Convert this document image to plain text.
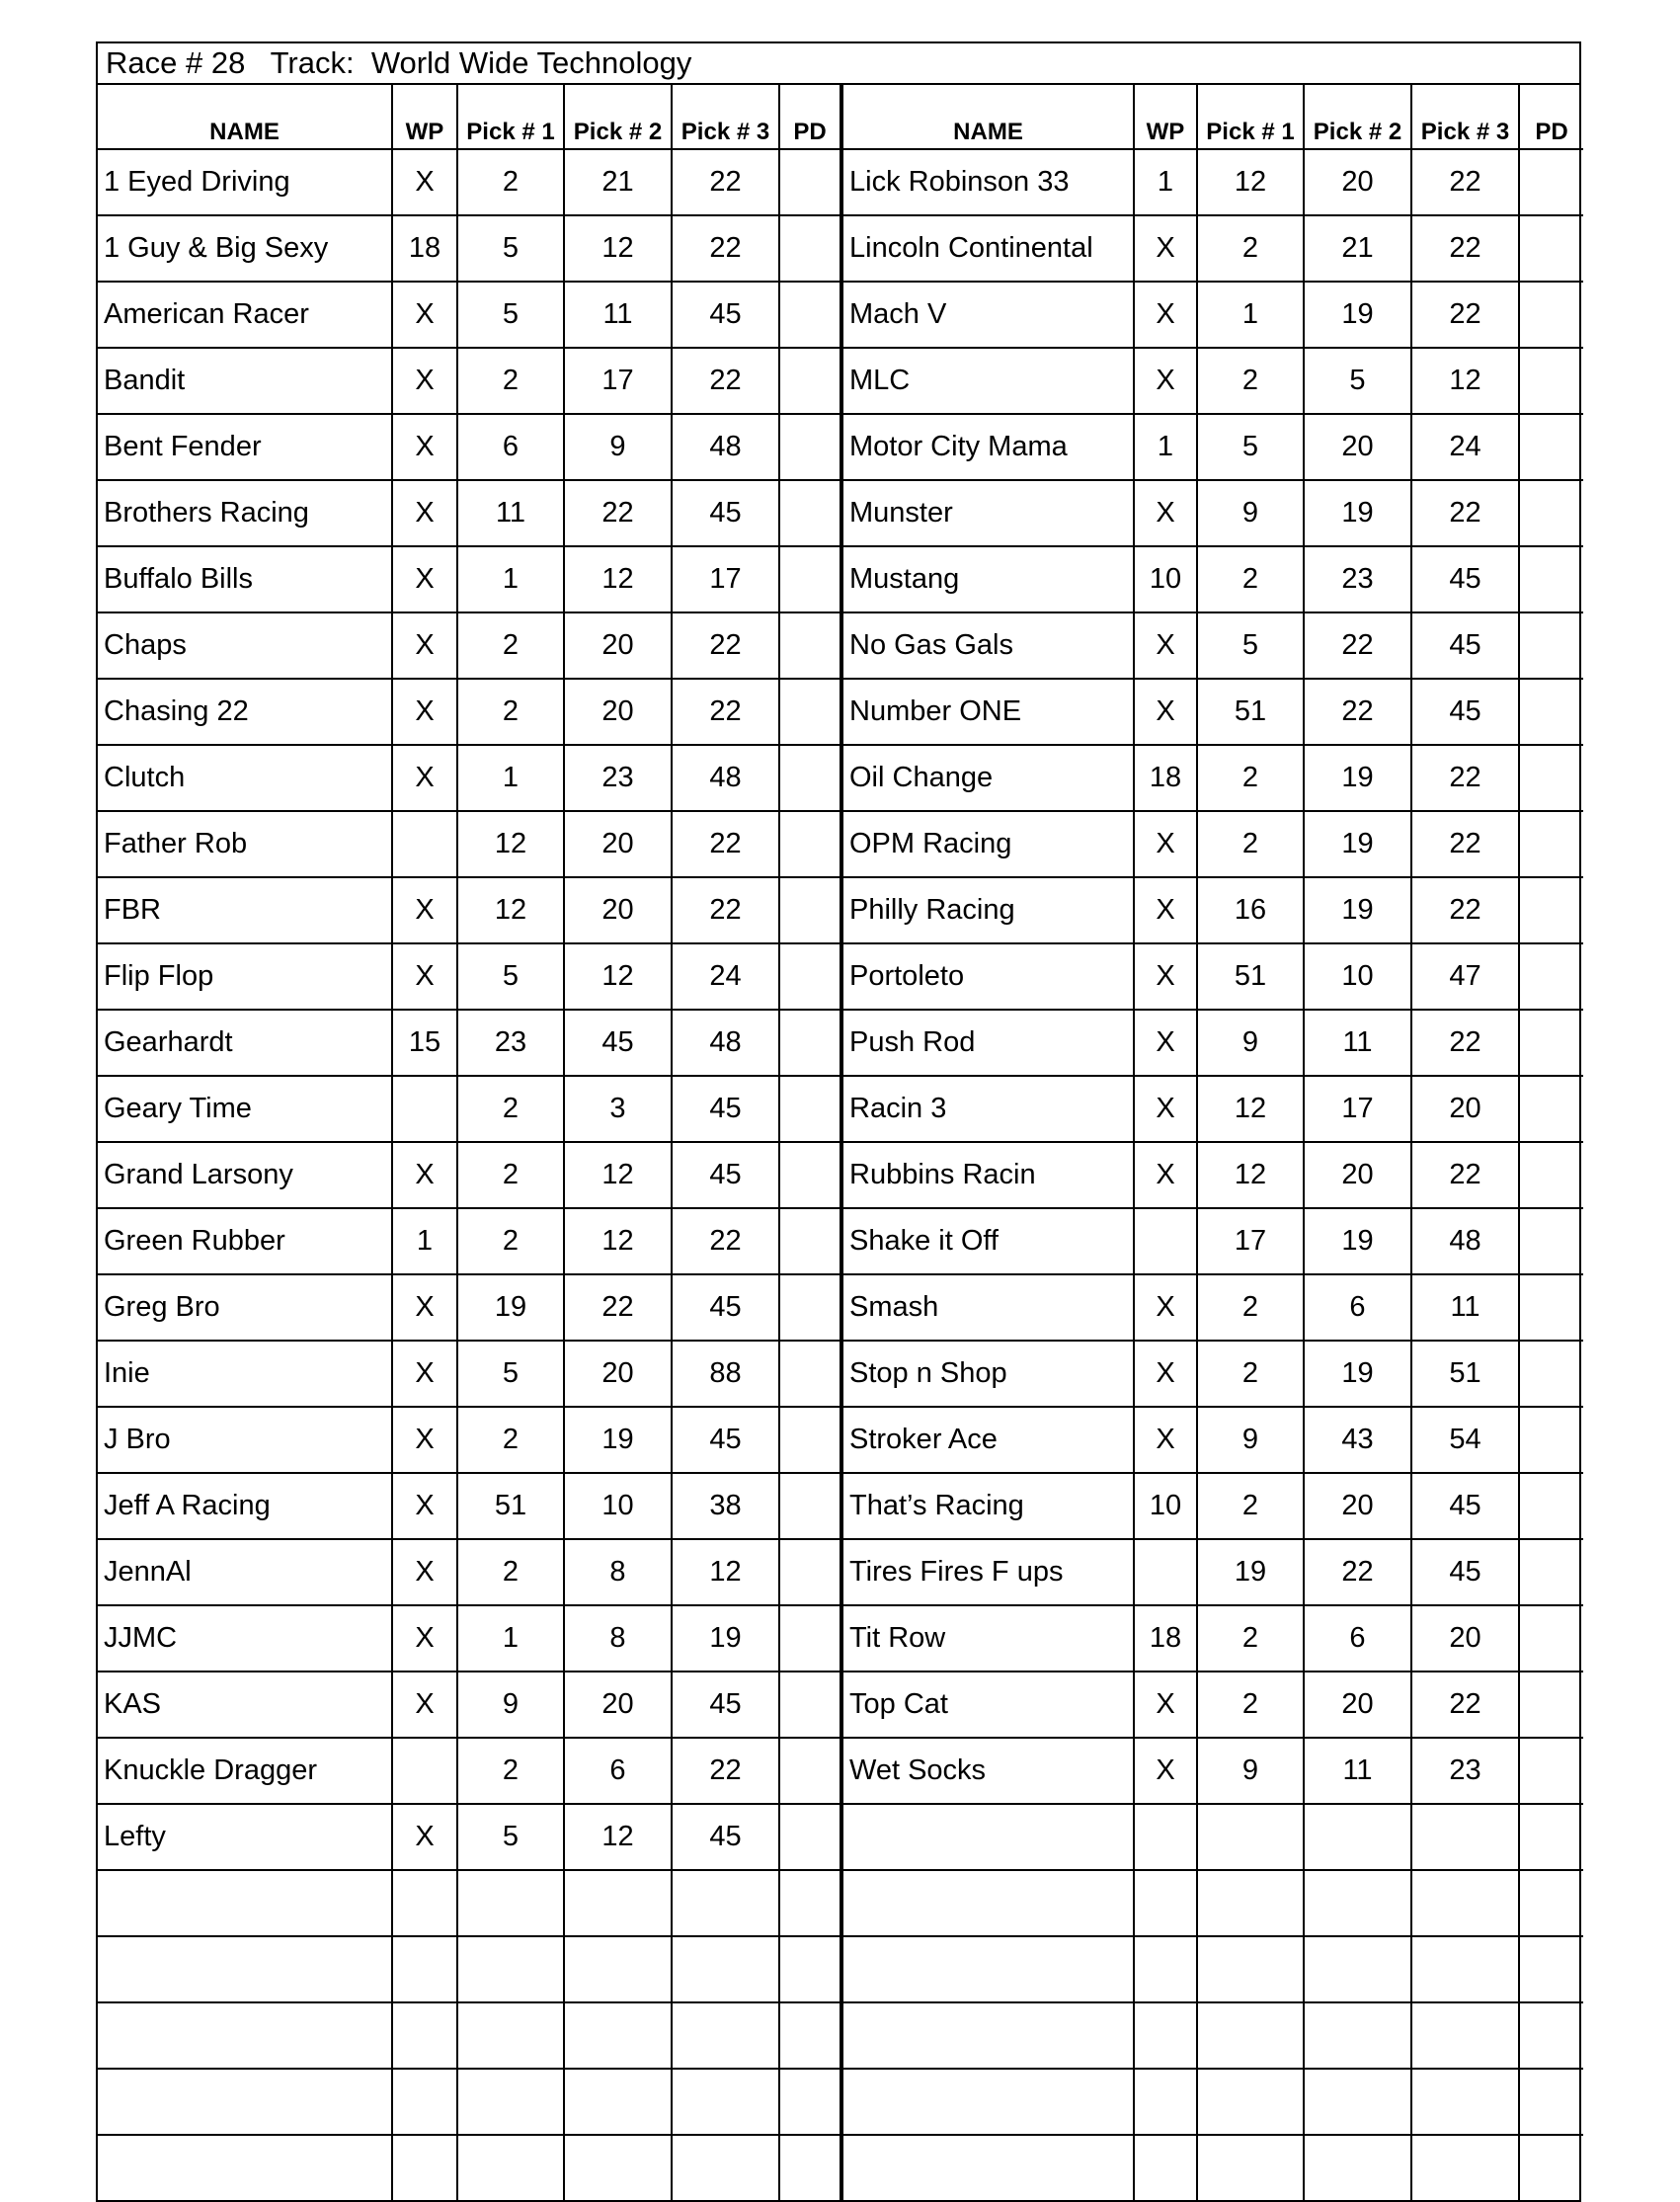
Race # 28 Track: World Wide Technology
NAME	WP	Pick # 1	Pick # 2	Pick # 3	PD	NAME	WP	Pick # 1	Pick # 2	Pick # 3	PD
1 Eyed Driving	X	2	21	22		Lick Robinson 33	1	12	20	22	
1 Guy & Big Sexy	18	5	12	22		Lincoln Continental	X	2	21	22	
American Racer	X	5	11	45		Mach V	X	1	19	22	
Bandit	X	2	17	22		MLC	X	2	5	12	
Bent Fender	X	6	9	48		Motor City Mama	1	5	20	24	
Brothers Racing	X	11	22	45		Munster	X	9	19	22	
Buffalo Bills	X	1	12	17		Mustang	10	2	23	45	
Chaps	X	2	20	22		No Gas Gals	X	5	22	45	
Chasing 22	X	2	20	22		Number ONE	X	51	22	45	
Clutch	X	1	23	48		Oil Change	18	2	19	22	
Father Rob		12	20	22		OPM Racing	X	2	19	22	
FBR	X	12	20	22		Philly Racing	X	16	19	22	
Flip Flop	X	5	12	24		Portoleto	X	51	10	47	
Gearhardt	15	23	45	48		Push Rod	X	9	11	22	
Geary Time		2	3	45		Racin 3	X	12	17	20	
Grand Larsony	X	2	12	45		Rubbins Racin	X	12	20	22	
Green Rubber	1	2	12	22		Shake it Off		17	19	48	
Greg Bro	X	19	22	45		Smash	X	2	6	11	
Inie	X	5	20	88		Stop n Shop	X	2	19	51	
J Bro	X	2	19	45		Stroker Ace	X	9	43	54	
Jeff A Racing	X	51	10	38		That’s Racing	10	2	20	45	
JennAl	X	2	8	12		Tires Fires F ups		19	22	45	
JJMC	X	1	8	19		Tit Row	18	2	6	20	
KAS	X	9	20	45		Top Cat	X	2	20	22	
Knuckle Dragger		2	6	22		Wet Socks	X	9	11	23	
Lefty	X	5	12	45							
